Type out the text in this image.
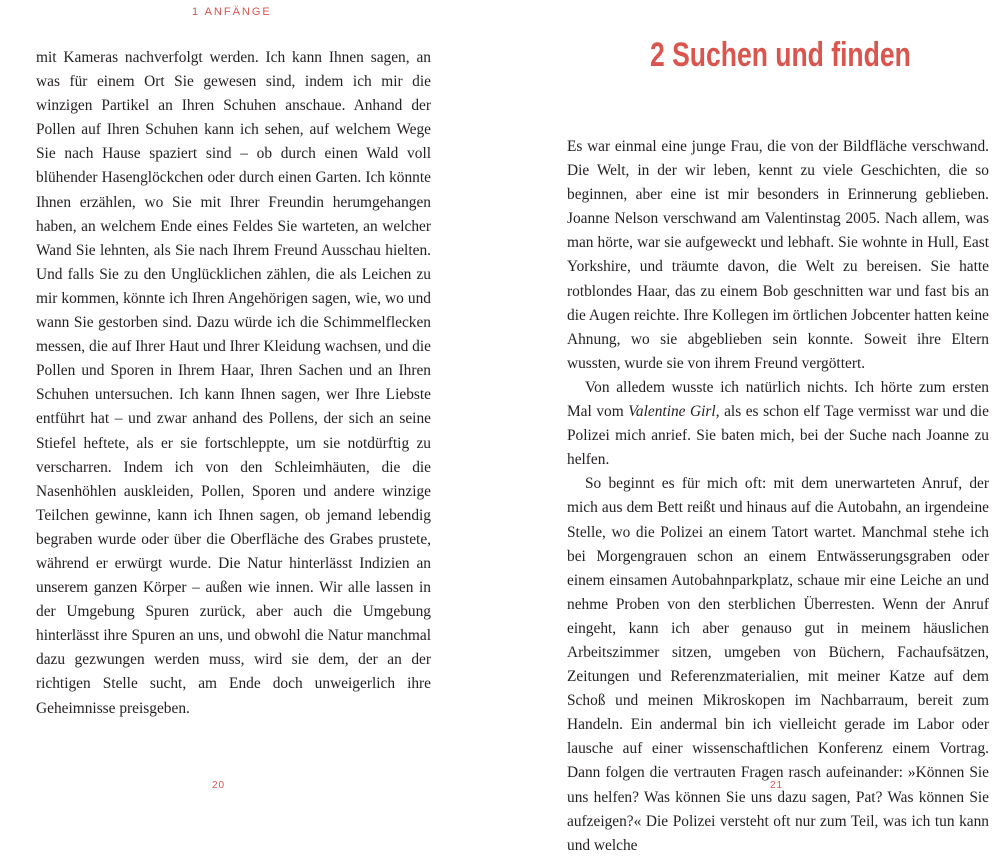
1 ANFÄNGE

mit Kameras nachverfolgt werden. Ich kann Ihnen sagen, an was für einem Ort Sie gewesen sind, indem ich mir die winzigen Partikel an Ihren Schuhen anschaue. Anhand der Pollen auf Ihren Schuhen kann ich sehen, auf welchem Wege Sie nach Hause spaziert sind – ob durch einen Wald voll blühender Hasenglöckchen oder durch einen Garten. Ich könnte Ihnen erzählen, wo Sie mit Ihrer Freundin herumgehangen haben, an welchem Ende eines Feldes Sie warteten, an welcher Wand Sie lehnten, als Sie nach Ihrem Freund Ausschau hielten. Und falls Sie zu den Unglücklichen zählen, die als Leichen zu mir kommen, könnte ich Ihren Angehörigen sagen, wie, wo und wann Sie gestorben sind. Dazu würde ich die Schimmelflecken messen, die auf Ihrer Haut und Ihrer Kleidung wachsen, und die Pollen und Sporen in Ihrem Haar, Ihren Sachen und an Ihren Schuhen untersuchen. Ich kann Ihnen sagen, wer Ihre Liebste entführt hat – und zwar anhand des Pollens, der sich an seine Stiefel heftete, als er sie fortschleppte, um sie notdürftig zu verscharren. Indem ich von den Schleimhäuten, die die Nasenhöhlen auskleiden, Pollen, Sporen und andere winzige Teilchen gewinne, kann ich Ihnen sagen, ob jemand lebendig begraben wurde oder über die Oberfläche des Grabes prustete, während er erwürgt wurde. Die Natur hinterlässt Indizien an unserem ganzen Körper – außen wie innen. Wir alle lassen in der Umgebung Spuren zurück, aber auch die Umgebung hinterlässt ihre Spuren an uns, und obwohl die Natur manchmal dazu gezwungen werden muss, wird sie dem, der an der richtigen Stelle sucht, am Ende doch unweigerlich ihre Geheimnisse preisgeben.

20
2 Suchen und finden

Es war einmal eine junge Frau, die von der Bildfläche verschwand. Die Welt, in der wir leben, kennt zu viele Geschichten, die so beginnen, aber eine ist mir besonders in Erinnerung geblieben. Joanne Nelson verschwand am Valentinstag 2005. Nach allem, was man hörte, war sie aufgeweckt und lebhaft. Sie wohnte in Hull, East Yorkshire, und träumte davon, die Welt zu bereisen. Sie hatte rotblondes Haar, das zu einem Bob geschnitten war und fast bis an die Augen reichte. Ihre Kollegen im örtlichen Jobcenter hatten keine Ahnung, wo sie abgeblieben sein konnte. Soweit ihre Eltern wussten, wurde sie von ihrem Freund vergöttert.

Von alledem wusste ich natürlich nichts. Ich hörte zum ersten Mal vom Valentine Girl, als es schon elf Tage vermisst war und die Polizei mich anrief. Sie baten mich, bei der Suche nach Joanne zu helfen.

So beginnt es für mich oft: mit dem unerwarteten Anruf, der mich aus dem Bett reißt und hinaus auf die Autobahn, an irgendeine Stelle, wo die Polizei an einem Tatort wartet. Manchmal stehe ich bei Morgengrauen schon an einem Entwässerungsgraben oder einem einsamen Autobahnparkplatz, schaue mir eine Leiche an und nehme Proben von den sterblichen Überresten. Wenn der Anruf eingeht, kann ich aber genauso gut in meinem häuslichen Arbeitszimmer sitzen, umgeben von Büchern, Fachaufsätzen, Zeitungen und Referenzmaterialien, mit meiner Katze auf dem Schoß und meinen Mikroskopen im Nachbarraum, bereit zum Handeln. Ein andermal bin ich vielleicht gerade im Labor oder lausche auf einer wissenschaftlichen Konferenz einem Vortrag. Dann folgen die vertrauten Fragen rasch aufeinander: »Können Sie uns helfen? Was können Sie uns dazu sagen, Pat? Was können Sie aufzeigen?« Die Polizei versteht oft nur zum Teil, was ich tun kann und welche

21
